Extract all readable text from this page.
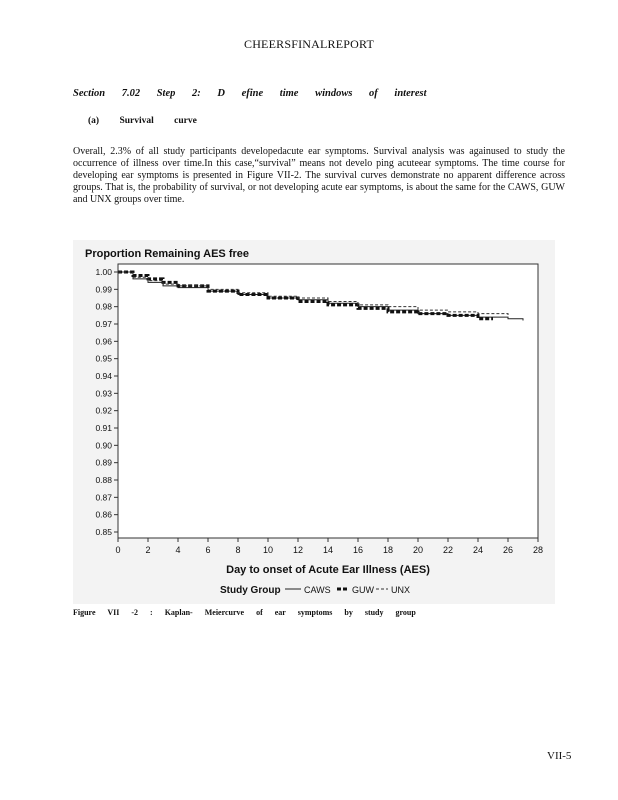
CHEERSFINALREPORT
Section 7.02 Step 2: D efine time windows of interest
(a) Survival curve
Overall, 2.3% of all study participants developedacute ear symptoms. Survival analysis was againused to study the occurrence of illness over time.In this case,“survival” means not develo ping acuteear symptoms. The time course for developing ear symptoms is presented in Figure VII-2. The survival curves demonstrate no apparent difference across groups. That is, the probability of survival, or not developing acute ear symptoms, is about the same for the CAWS, GUW and UNX groups over time.
Proportion Remaining AES free
0.85
0.86
0.87
0.88
0.89
0.90
0.91
0.92
0.93
0.94
0.95
0.96
0.97
0.98
0.99
1.00
0	2	4	6	8 10 12 14 16 18 20 22 24 26 28
Day to onset of Acute Ear Illness (AES)
Study Group	CAWS GUW UNX
Figure VII -2 : Kaplan- Meiercurve of ear symptoms by study group
VII-5
